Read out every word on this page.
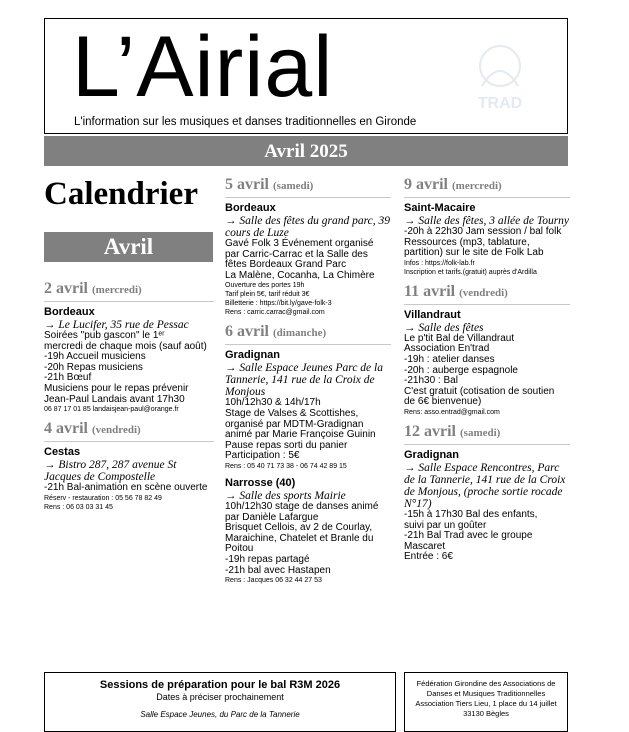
L’Airial	TRAD
L'information sur les musiques et danses traditionnelles en Gironde
Avril 2025
Calendrier
Avril
2 avril (mercredi)
Bordeaux
→ Le Lucifer, 35 rue de Pessac
Soirées "pub gascon" le 1ᵉʳ
mercredi de chaque mois (sauf août)
-19h Accueil musiciens
-20h Repas musiciens
-21h Bœuf
Musiciens pour le repas prévenir
Jean-Paul Landais avant 17h30
06 87 17 01 85 landaisjean-paul@orange.fr
4 avril (vendredi)
Cestas
→ Bistro 287, 287 avenue St Jacques de Compostelle
-21h Bal-animation en scène ouverte
Réserv - restauration : 05 56 78 82 49
Rens : 06 03 03 31 45
5 avril (samedi)
Bordeaux
→ Salle des fêtes du grand parc, 39 cours de Luze
Gavé Folk 3 Événement organisé
par Carric-Carrac et la Salle des
fêtes Bordeaux Grand Parc
La Malène, Cocanha, La Chimère
Ouverture des portes 19h
Tarif plein 5€, tarif réduit 3€
Billetterie : https://bit.ly/gave-folk-3
Rens : carric.carrac@gmail.com
6 avril (dimanche)
Gradignan
→ Salle Espace Jeunes Parc de la Tannerie, 141 rue de la Croix de Monjous
10h/12h30 & 14h/17h
Stage de Valses & Scottishes,
organisé par MDTM-Gradignan
animé par Marie Françoise Guinin
Pause repas sorti du panier
Participation : 5€
Rens : 05 40 71 73 38 - 06 74 42 89 15
Narrosse (40)
→ Salle des sports Mairie
10h/12h30 stage de danses animé
par Danièle Lafargue
Brisquet Cellois, av 2 de Courlay,
Maraichine, Chatelet et Branle du
Poitou
-19h repas partagé
-21h bal avec Hastapen
Rens : Jacques 06 32 44 27 53
9 avril (mercredi)
Saint-Macaire
→ Salle des fêtes, 3 allée de Tourny
-20h à 22h30 Jam session / bal folk
Ressources (mp3, tablature,
partition) sur le site de Folk Lab
Infos : https://folk-lab.fr
Inscription et tarifs.(gratuit) auprès d'Ardilla
11 avril (vendredi)
Villandraut
→ Salle des fêtes
Le p'tit Bal de Villandraut
Association En'trad
-19h : atelier danses
-20h : auberge espagnole
-21h30 : Bal
C'est gratuit (cotisation de soutien
de 6€ bienvenue)
Rens: asso.entrad@gmail.com
12 avril (samedi)
Gradignan
→ Salle Espace Rencontres, Parc de la Tannerie, 141 rue de la Croix de Monjous, (proche sortie rocade N°17)
-15h à 17h30 Bal des enfants,
suivi par un goûter
-21h Bal Trad avec le groupe
Mascaret
Entrée : 6€
Sessions de préparation pour le bal R3M 2026
Dates à préciser prochainement
Salle Espace Jeunes, du Parc de la Tannerie
Fédération Girondine des Associations de
Danses et Musiques Traditionnelles
Association Tiers Lieu, 1 place du 14 juillet
33130 Bègles
